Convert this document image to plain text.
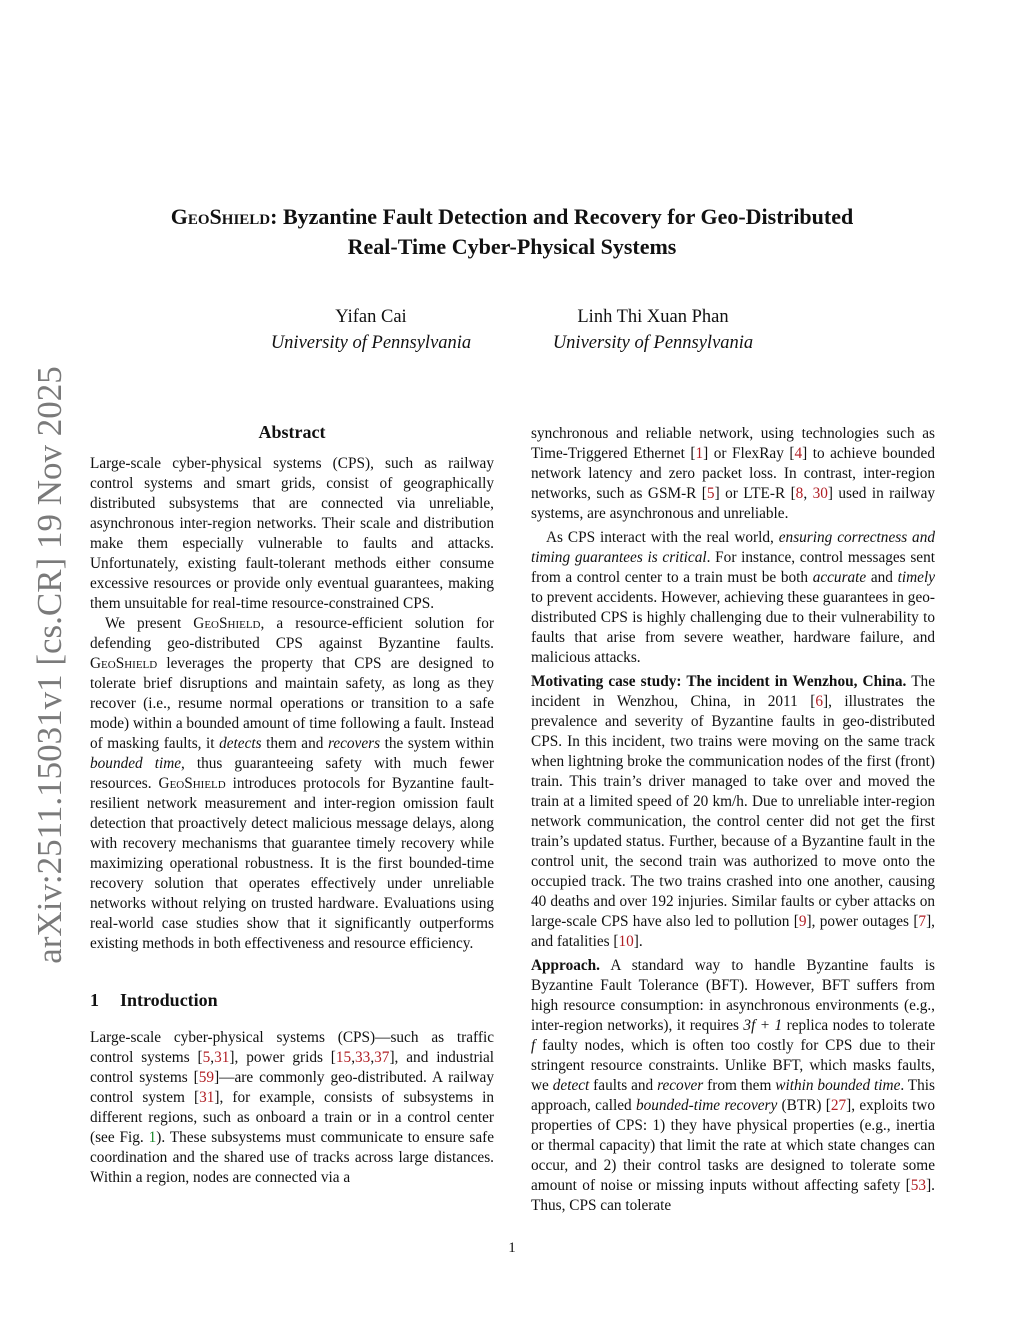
arXiv:2511.15031v1 [cs.CR] 19 Nov 2025
GeoShield: Byzantine Fault Detection and Recovery for Geo-Distributed
Real-Time Cyber-Physical Systems
Yifan Cai
University of Pennsylvania
Linh Thi Xuan Phan
University of Pennsylvania
Abstract

Large-scale cyber-physical systems (CPS), such as railway control systems and smart grids, consist of geographically distributed subsystems that are connected via unreliable, asynchronous inter-region networks. Their scale and distribution make them especially vulnerable to faults and attacks. Unfortunately, existing fault-tolerant methods either consume excessive resources or provide only eventual guarantees, making them unsuitable for real-time resource-constrained CPS.

We present GeoShield, a resource-efficient solution for defending geo-distributed CPS against Byzantine faults. GeoShield leverages the property that CPS are designed to tolerate brief disruptions and maintain safety, as long as they recover (i.e., resume normal operations or transition to a safe mode) within a bounded amount of time following a fault. Instead of masking faults, it detects them and recovers the system within bounded time, thus guaranteeing safety with much fewer resources. GeoShield introduces protocols for Byzantine fault-resilient network measurement and inter-region omission fault detection that proactively detect malicious message delays, along with recovery mechanisms that guarantee timely recovery while maximizing operational robustness. It is the first bounded-time recovery solution that operates effectively under unreliable networks without relying on trusted hardware. Evaluations using real-world case studies show that it significantly outperforms existing methods in both effectiveness and resource efficiency.

1 Introduction

Large-scale cyber-physical systems (CPS)—such as traffic control systems [5,31], power grids [15,33,37], and industrial control systems [59]—are commonly geo-distributed. A railway control system [31], for example, consists of subsystems in different regions, such as onboard a train or in a control center (see Fig. 1). These subsystems must communicate to ensure safe coordination and the shared use of tracks across large distances. Within a region, nodes are connected via a

synchronous and reliable network, using technologies such as Time-Triggered Ethernet [1] or FlexRay [4] to achieve bounded network latency and zero packet loss. In contrast, inter-region networks, such as GSM-R [5] or LTE-R [8, 30] used in railway systems, are asynchronous and unreliable.

As CPS interact with the real world, ensuring correctness and timing guarantees is critical. For instance, control messages sent from a control center to a train must be both accurate and timely to prevent accidents. However, achieving these guarantees in geo-distributed CPS is highly challenging due to their vulnerability to faults that arise from severe weather, hardware failure, and malicious attacks.

Motivating case study: The incident in Wenzhou, China. The incident in Wenzhou, China, in 2011 [6], illustrates the prevalence and severity of Byzantine faults in geo-distributed CPS. In this incident, two trains were moving on the same track when lightning broke the communication nodes of the first (front) train. This train’s driver managed to take over and moved the train at a limited speed of 20 km/h. Due to unreliable inter-region network communication, the control center did not get the first train’s updated status. Further, because of a Byzantine fault in the control unit, the second train was authorized to move onto the occupied track. The two trains crashed into one another, causing 40 deaths and over 192 injuries. Similar faults or cyber attacks on large-scale CPS have also led to pollution [9], power outages [7], and fatalities [10].

Approach. A standard way to handle Byzantine faults is Byzantine Fault Tolerance (BFT). However, BFT suffers from high resource consumption: in asynchronous environments (e.g., inter-region networks), it requires 3f + 1 replica nodes to tolerate f faulty nodes, which is often too costly for CPS due to their stringent resource constraints. Unlike BFT, which masks faults, we detect faults and recover from them within bounded time. This approach, called bounded-time recovery (BTR) [27], exploits two properties of CPS: 1) they have physical properties (e.g., inertia or thermal capacity) that limit the rate at which state changes can occur, and 2) their control tasks are designed to tolerate some amount of noise or missing inputs without affecting safety [53]. Thus, CPS can tolerate

1
